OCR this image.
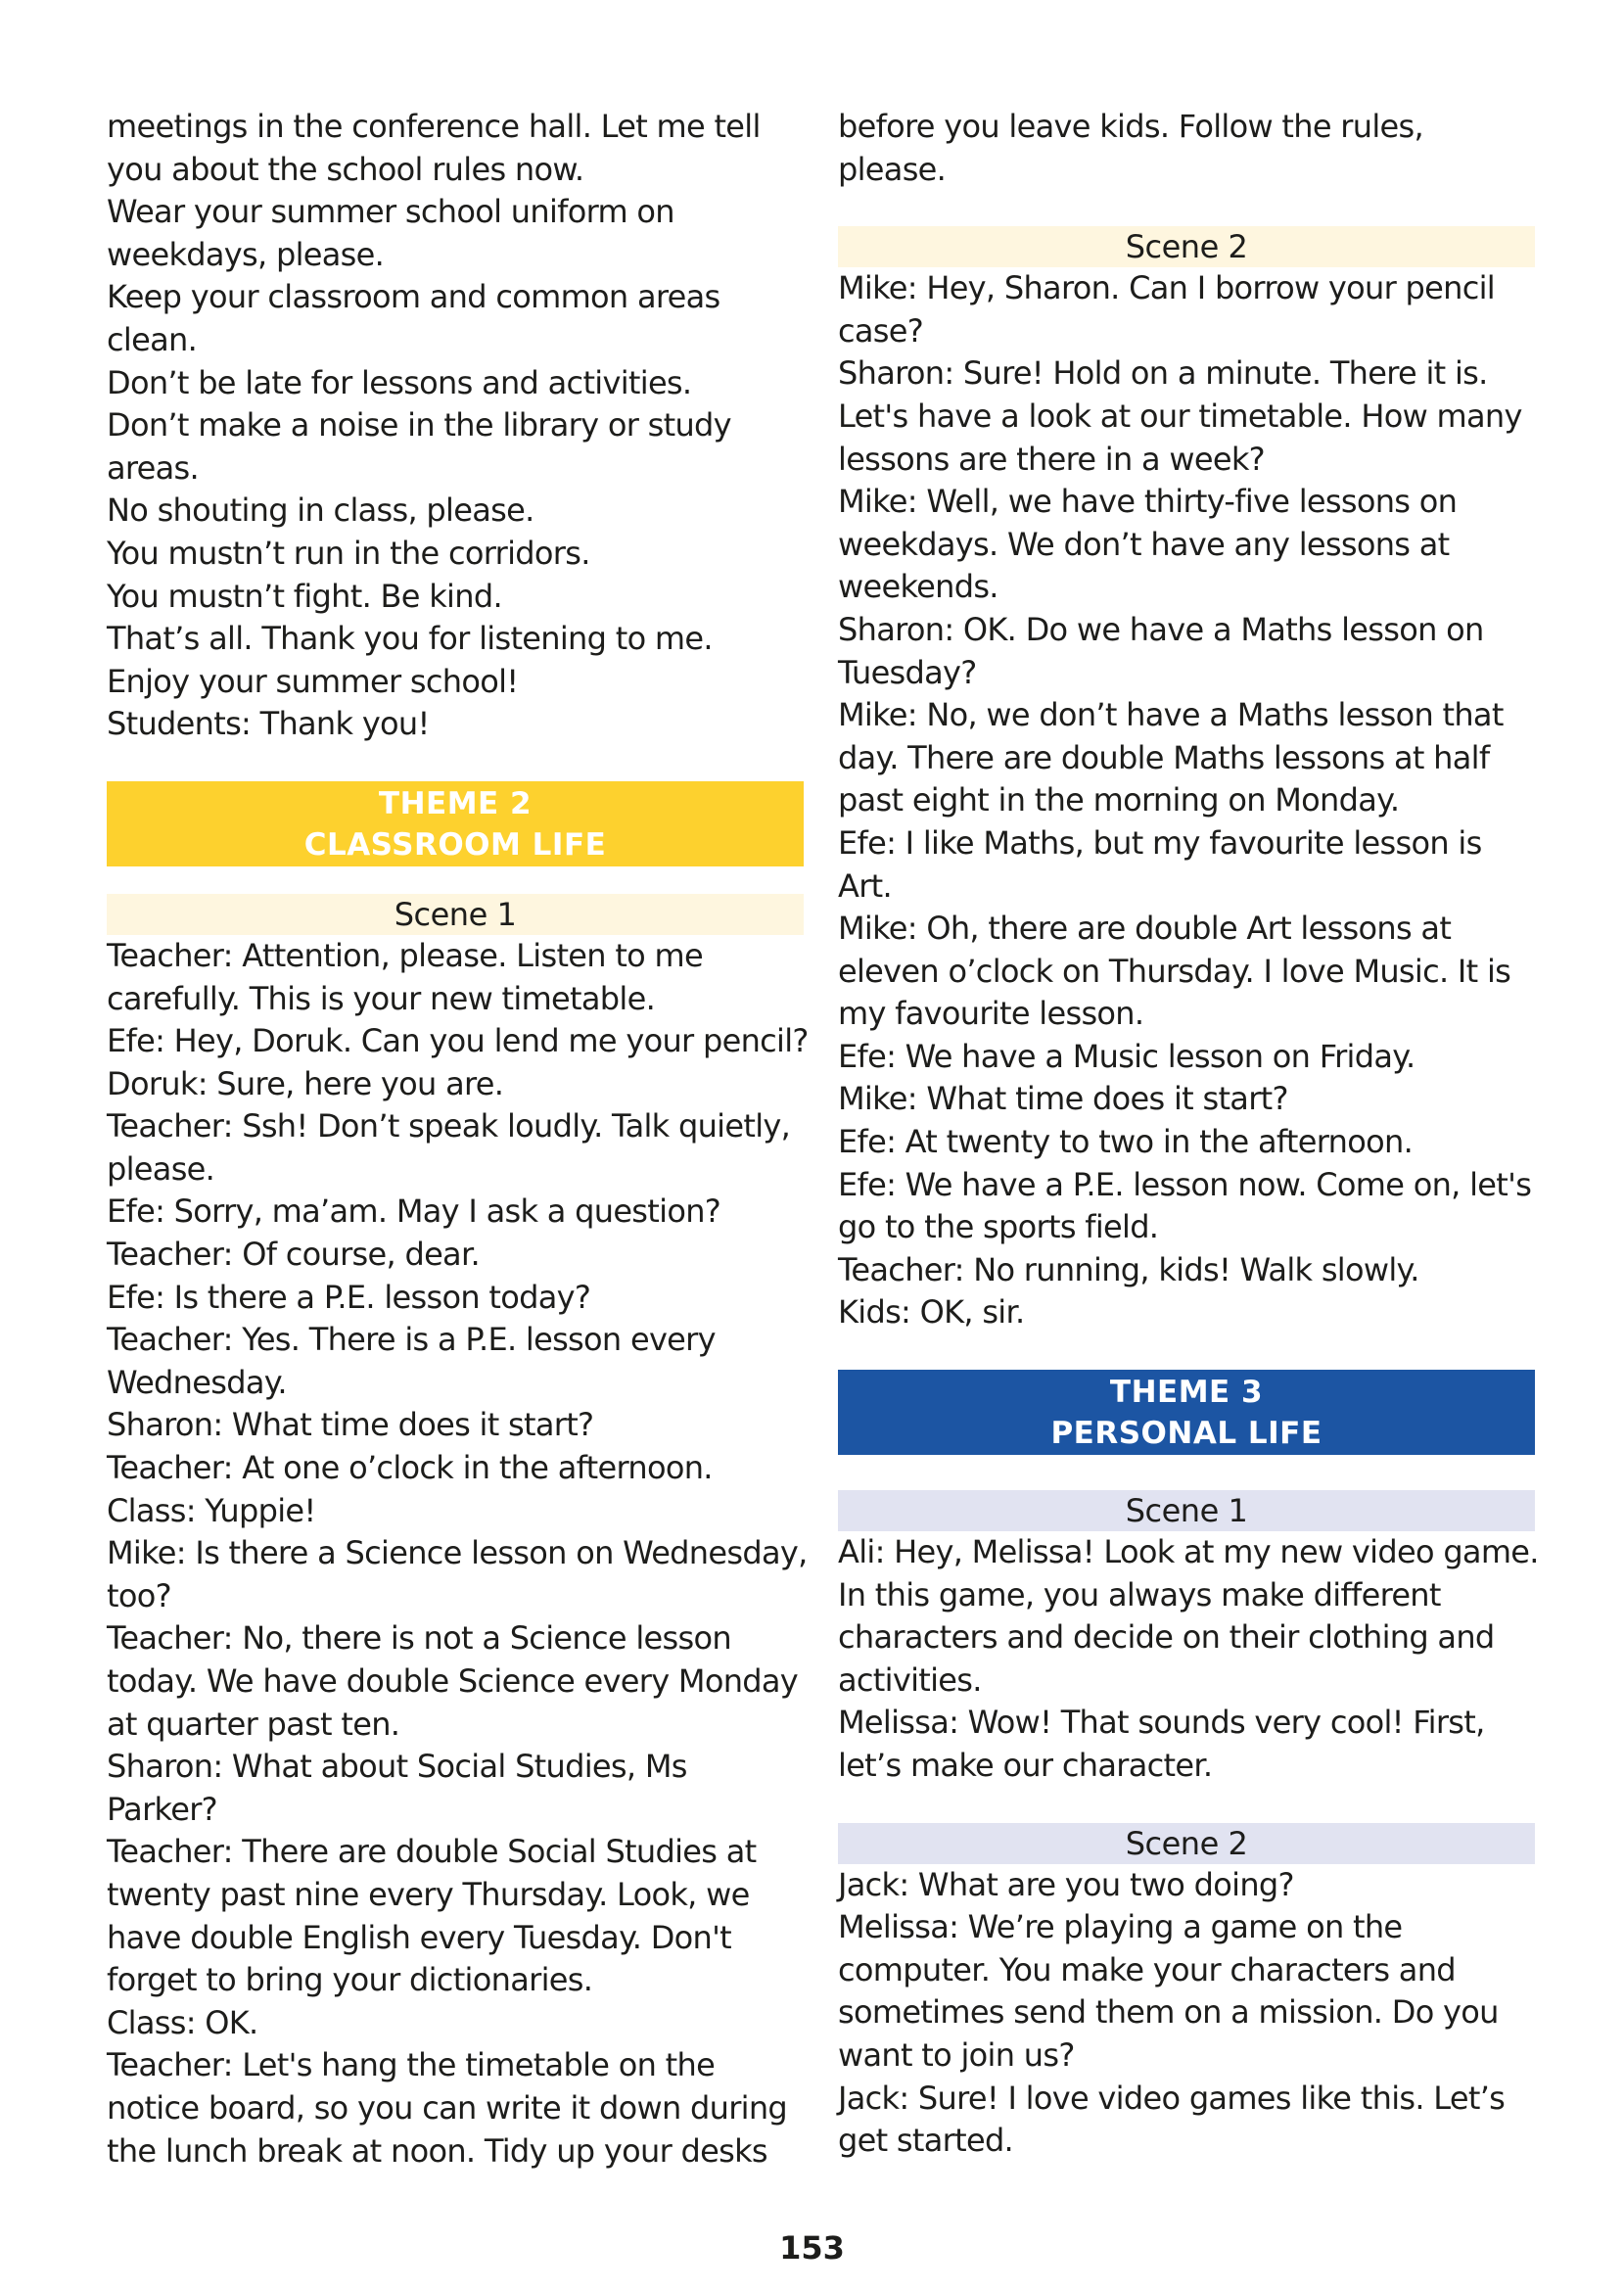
meetings in the conference hall. Let me tell
you about the school rules now.
Wear your summer school uniform on
weekdays, please.
Keep your classroom and common areas
clean.
Don’t be late for lessons and activities.
Don’t make a noise in the library or study
areas.
No shouting in class, please.
You mustn’t run in the corridors.
You mustn’t fight. Be kind.
That’s all. Thank you for listening to me.
Enjoy your summer school!
Students: Thank you!
THEME 2
CLASSROOM LIFE
Scene 1
Teacher: Attention, please. Listen to me
carefully. This is your new timetable.
Efe: Hey, Doruk. Can you lend me your pencil?
Doruk: Sure, here you are.
Teacher: Ssh! Don’t speak loudly. Talk quietly,
please.
Efe: Sorry, ma’am. May I ask a question?
Teacher: Of course, dear.
Efe: Is there a P.E. lesson today?
Teacher: Yes. There is a P.E. lesson every
Wednesday.
Sharon: What time does it start?
Teacher: At one o’clock in the afternoon.
Class: Yuppie!
Mike: Is there a Science lesson on Wednesday,
too?
Teacher: No, there is not a Science lesson
today. We have double Science every Monday
at quarter past ten.
Sharon: What about Social Studies, Ms
Parker?
Teacher: There are double Social Studies at
twenty past nine every Thursday. Look, we
have double English every Tuesday. Don't
forget to bring your dictionaries.
Class: OK.
Teacher: Let's hang the timetable on the
notice board, so you can write it down during
the lunch break at noon. Tidy up your desks
before you leave kids. Follow the rules,
please.
Scene 2
Mike: Hey, Sharon. Can I borrow your pencil
case?
Sharon: Sure! Hold on a minute. There it is.
Let's have a look at our timetable. How many
lessons are there in a week?
Mike: Well, we have thirty-five lessons on
weekdays. We don’t have any lessons at
weekends.
Sharon: OK. Do we have a Maths lesson on
Tuesday?
Mike: No, we don’t have a Maths lesson that
day. There are double Maths lessons at half
past eight in the morning on Monday.
Efe: I like Maths, but my favourite lesson is
Art.
Mike: Oh, there are double Art lessons at
eleven o’clock on Thursday. I love Music. It is
my favourite lesson.
Efe: We have a Music lesson on Friday.
Mike: What time does it start?
Efe: At twenty to two in the afternoon.
Efe: We have a P.E. lesson now. Come on, let's
go to the sports field.
Teacher: No running, kids! Walk slowly.
Kids: OK, sir.
THEME 3
PERSONAL LIFE
Scene 1
Ali: Hey, Melissa! Look at my new video game.
In this game, you always make different
characters and decide on their clothing and
activities.
Melissa: Wow! That sounds very cool! First,
let’s make our character.
Scene 2
Jack: What are you two doing?
Melissa: We’re playing a game on the
computer. You make your characters and
sometimes send them on a mission. Do you
want to join us?
Jack: Sure! I love video games like this. Let’s
get started.
153
